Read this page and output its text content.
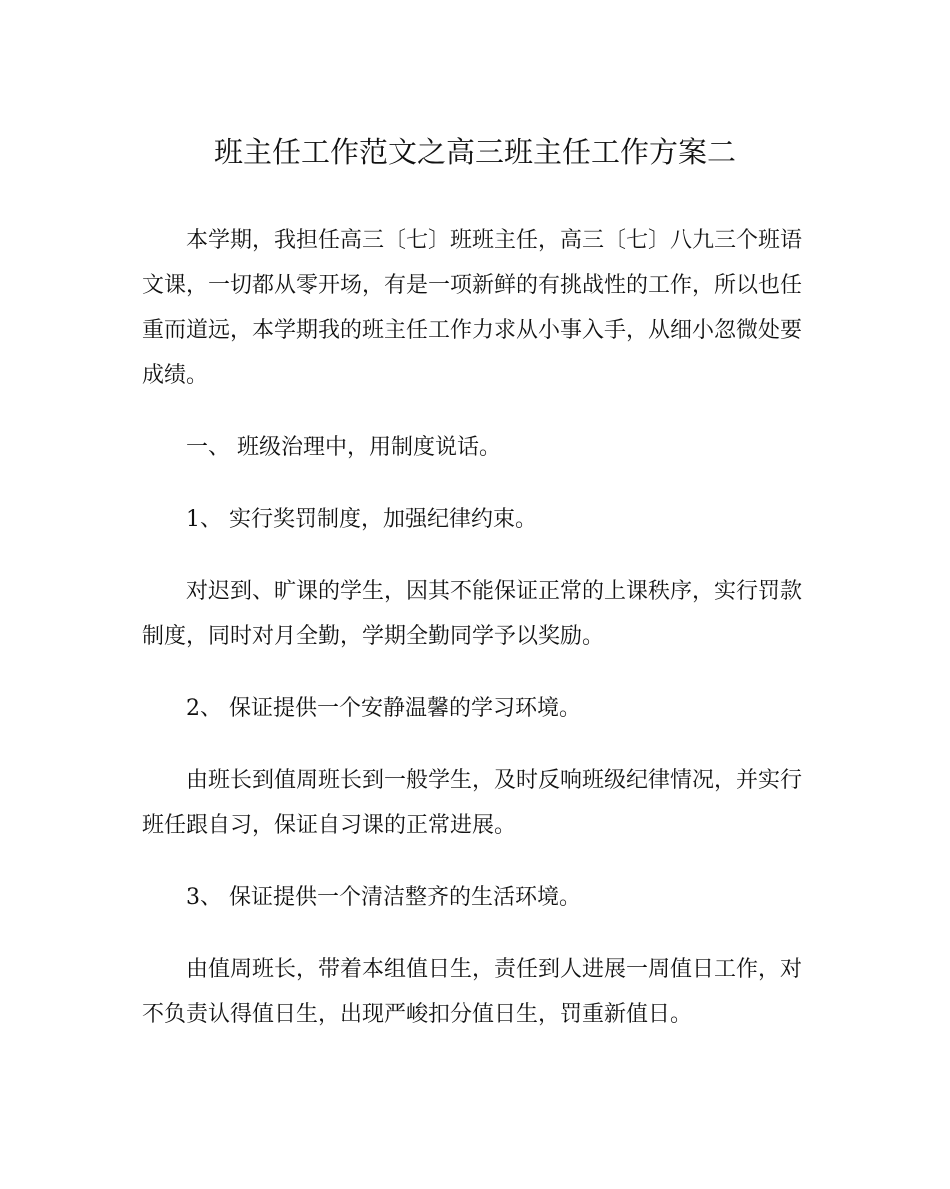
班主任工作范文之高三班主任工作方案二
本学期，我担任高三〔七〕班班主任，高三〔七〕八九三个班语
文课，一切都从零开场，有是一项新鲜的有挑战性的工作，所以也任
重而道远，本学期我的班主任工作力求从小事入手，从细小忽微处要
成绩。
一、 班级治理中，用制度说话。
1、 实行奖罚制度，加强纪律约束。
对迟到、旷课的学生，因其不能保证正常的上课秩序，实行罚款
制度，同时对月全勤，学期全勤同学予以奖励。
2、 保证提供一个安静温馨的学习环境。
由班长到值周班长到一般学生，及时反响班级纪律情况，并实行
班任跟自习，保证自习课的正常进展。
3、 保证提供一个清洁整齐的生活环境。
由值周班长，带着本组值日生，责任到人进展一周值日工作，对
不负责认得值日生，出现严峻扣分值日生，罚重新值日。
